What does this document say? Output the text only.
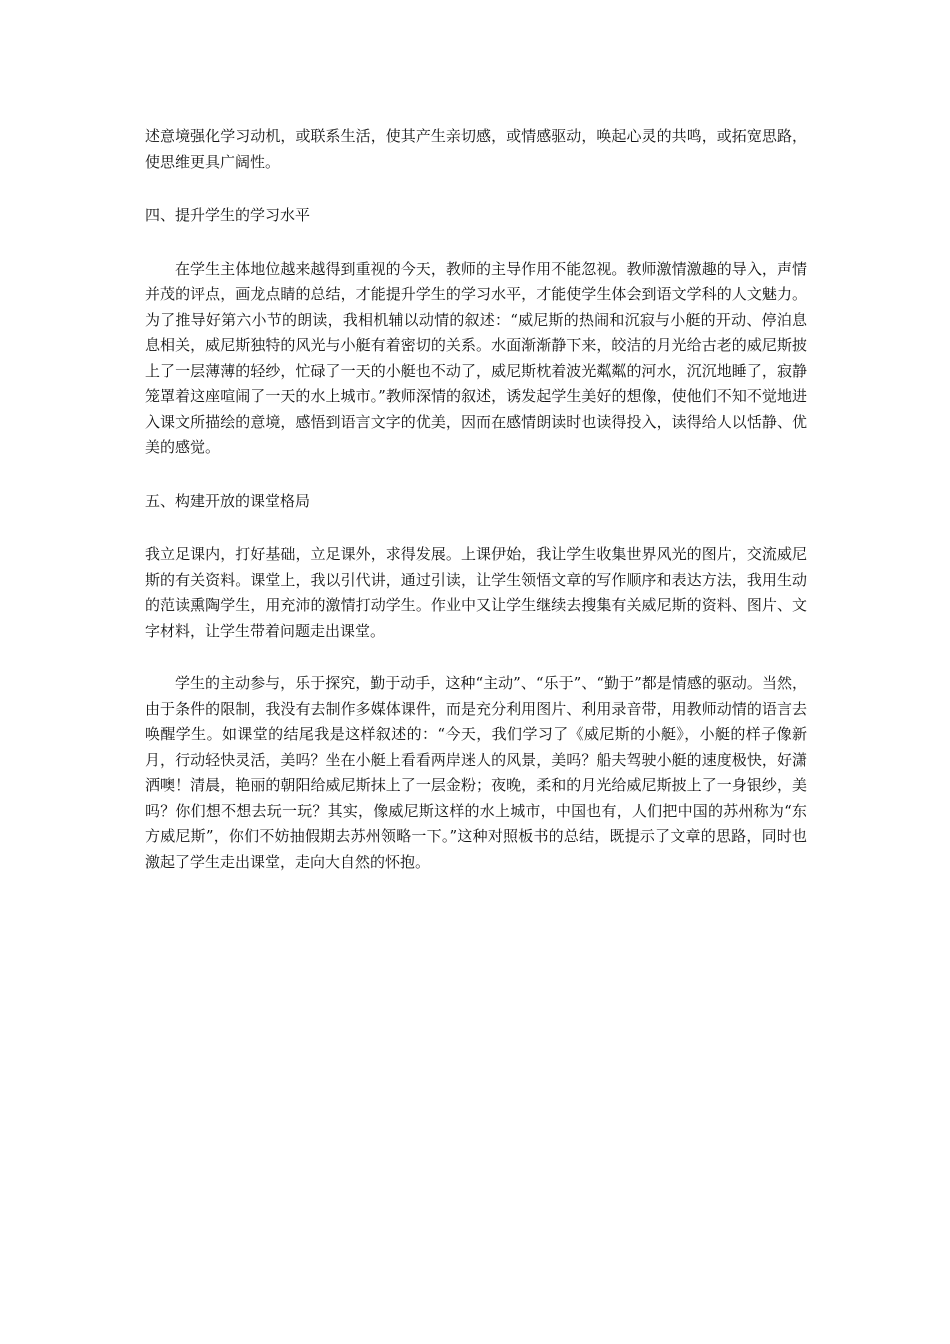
述意境强化学习动机，或联系生活，使其产生亲切感，或情感驱动，唤起心灵的共鸣，或拓宽思路，使思维更具广阔性。

四、提升学生的学习水平

在学生主体地位越来越得到重视的今天，教师的主导作用不能忽视。教师激情激趣的导入，声情并茂的评点，画龙点睛的总结，才能提升学生的学习水平，才能使学生体会到语文学科的人文魅力。为了推导好第六小节的朗读，我相机辅以动情的叙述：“威尼斯的热闹和沉寂与小艇的开动、停泊息息相关，威尼斯独特的风光与小艇有着密切的关系。水面渐渐静下来，皎洁的月光给古老的威尼斯披上了一层薄薄的轻纱，忙碌了一天的小艇也不动了，威尼斯枕着波光粼粼的河水，沉沉地睡了，寂静笼罩着这座喧闹了一天的水上城市。”教师深情的叙述，诱发起学生美好的想像，使他们不知不觉地进入课文所描绘的意境，感悟到语言文字的优美，因而在感情朗读时也读得投入，读得给人以恬静、优美的感觉。

五、构建开放的课堂格局

我立足课内，打好基础，立足课外，求得发展。上课伊始，我让学生收集世界风光的图片，交流威尼斯的有关资料。课堂上，我以引代讲，通过引读，让学生领悟文章的写作顺序和表达方法，我用生动的范读熏陶学生，用充沛的激情打动学生。作业中又让学生继续去搜集有关威尼斯的资料、图片、文字材料，让学生带着问题走出课堂。

学生的主动参与，乐于探究，勤于动手，这种“主动”、“乐于”、“勤于”都是情感的驱动。当然，由于条件的限制，我没有去制作多媒体课件，而是充分利用图片、利用录音带，用教师动情的语言去唤醒学生。如课堂的结尾我是这样叙述的：“今天，我们学习了《威尼斯的小艇》，小艇的样子像新月，行动轻快灵活，美吗？坐在小艇上看看两岸迷人的风景，美吗？船夫驾驶小艇的速度极快，好潇洒噢！清晨，艳丽的朝阳给威尼斯抹上了一层金粉；夜晚，柔和的月光给威尼斯披上了一身银纱，美吗？你们想不想去玩一玩？其实，像威尼斯这样的水上城市，中国也有，人们把中国的苏州称为“东方威尼斯”，你们不妨抽假期去苏州领略一下。”这种对照板书的总结，既提示了文章的思路，同时也激起了学生走出课堂，走向大自然的怀抱。
